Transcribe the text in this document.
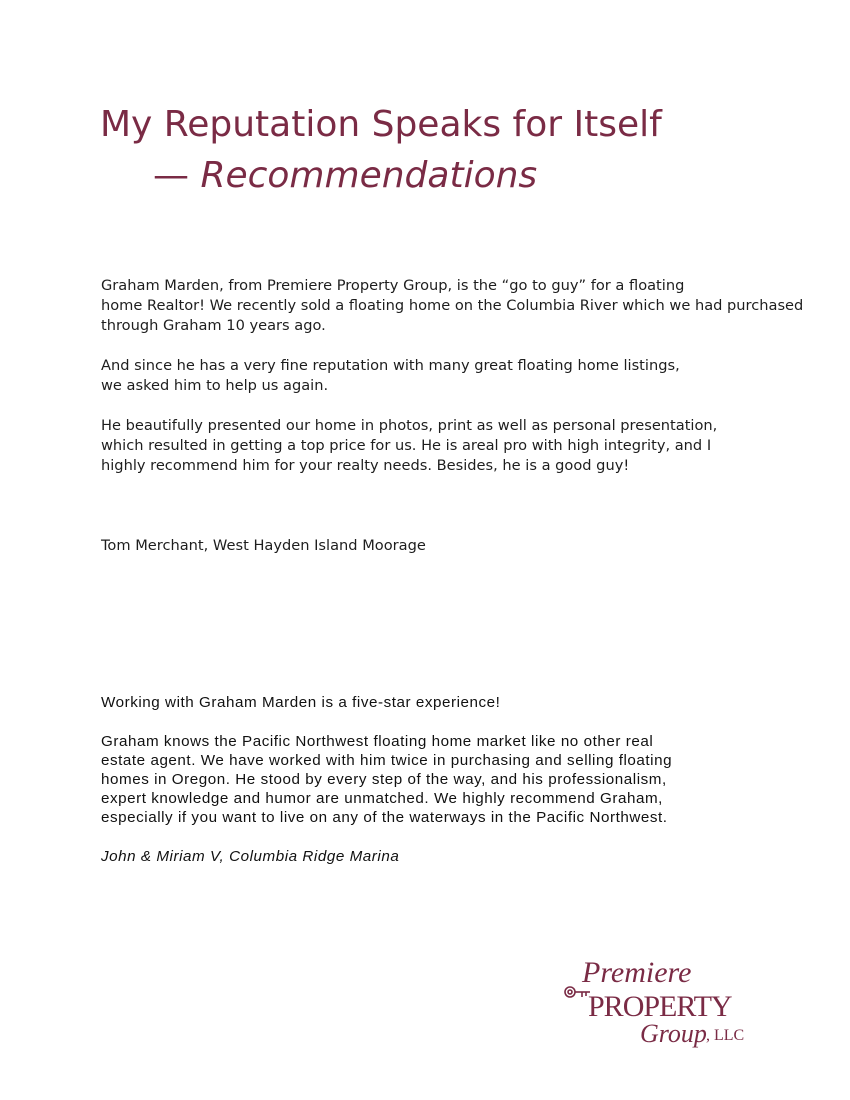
My Reputation Speaks for Itself
— Recommendations
Graham Marden, from Premiere Property Group, is the “go to guy” for a floating
home Realtor! We recently sold a floating home on the Columbia River which we had purchased
through Graham 10 years ago.
And since he has a very fine reputation with many great floating home listings,
we asked him to help us again.
He beautifully presented our home in photos, print as well as personal presentation,
which resulted in getting a top price for us. He is areal pro with high integrity, and I
highly recommend him for your realty needs. Besides, he is a good guy!
Tom Merchant, West Hayden Island Moorage
Working with Graham Marden is a five-star experience!
Graham knows the Pacific Northwest floating home market like no other real
estate agent. We have worked with him twice in purchasing and selling floating
homes in Oregon. He stood by every step of the way, and his professionalism,
expert knowledge and humor are unmatched. We highly recommend Graham,
especially if you want to live on any of the waterways in the Pacific Northwest.
John & Miriam V, Columbia Ridge Marina
Premiere
PROPERTY
Group , LLC
